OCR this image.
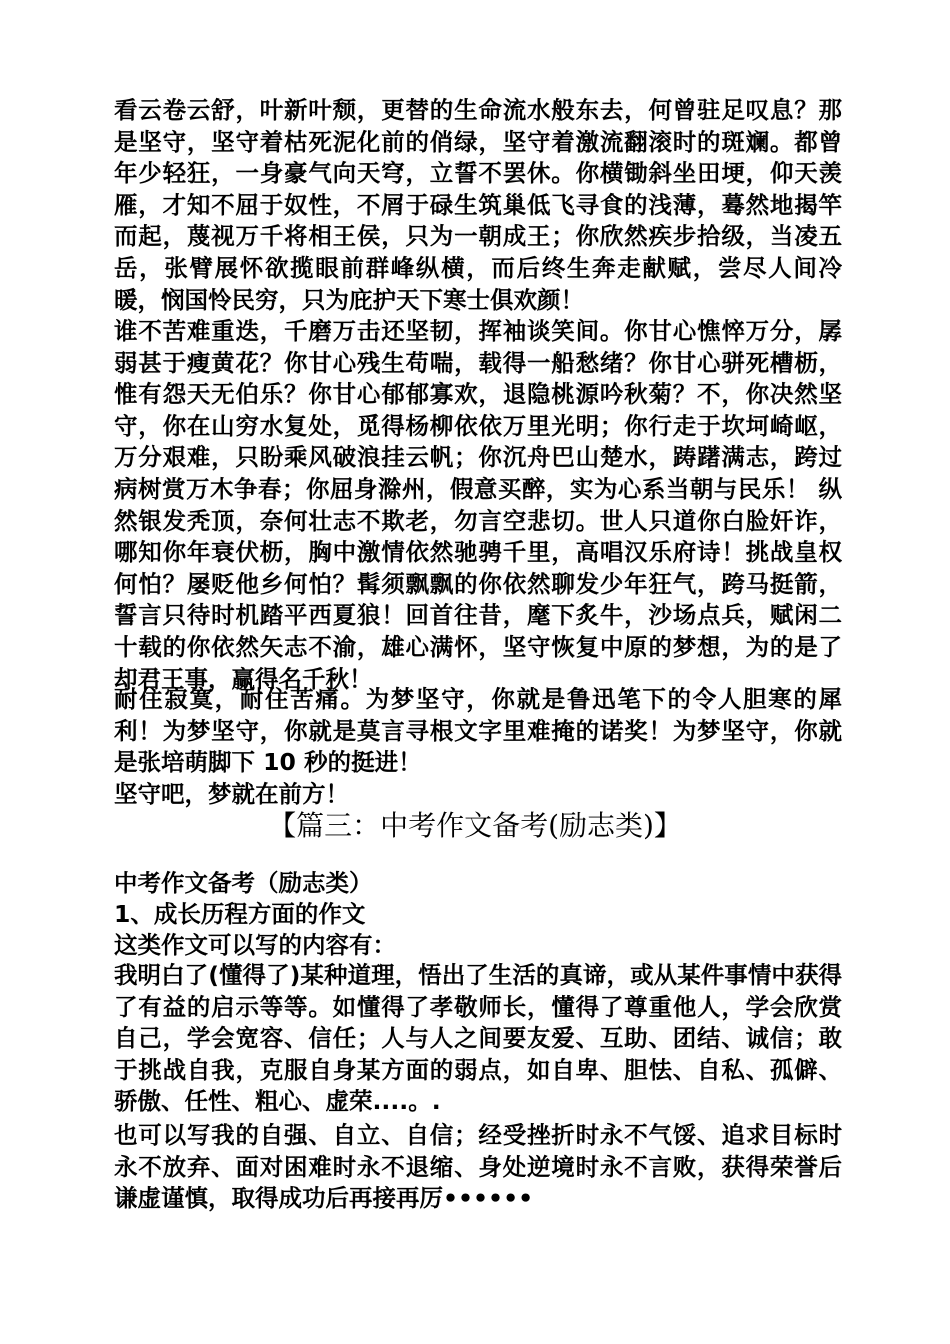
看云卷云舒，叶新叶颓，更替的生命流水般东去，何曾驻足叹息？那是坚守，坚守着枯死泥化前的俏绿，坚守着激流翻滚时的斑斓。都曾年少轻狂，一身豪气向天穹，立誓不罢休。你横锄斜坐田埂，仰天羡雁，才知不屈于奴性，不屑于碌生筑巢低飞寻食的浅薄，蓦然地揭竿而起，蔑视万千将相王侯，只为一朝成王；你欣然疾步拾级，当凌五岳，张臂展怀欲揽眼前群峰纵横，而后终生奔走献赋，尝尽人间冷暖，悯国怜民穷，只为庇护天下寒士俱欢颜！

谁不苦难重迭，千磨万击还坚韧，挥袖谈笑间。你甘心憔悴万分，孱弱甚于瘦黄花？你甘心残生苟喘，载得一船愁绪？你甘心骈死槽枥，惟有怨天无伯乐？你甘心郁郁寡欢，退隐桃源吟秋菊？不，你决然坚守，你在山穷水复处，觅得杨柳依依万里光明；你行走于坎坷崎岖，万分艰难，只盼乘风破浪挂云帆；你沉舟巴山楚水，踌躇满志，跨过病树赏万木争春；你屈身滁州，假意买醉，实为心系当朝与民乐！ 纵然银发秃顶，奈何壮志不欺老，勿言空悲切。世人只道你白脸奸诈，哪知你年衰伏枥，胸中激情依然驰骋千里，高唱汉乐府诗！挑战皇权何怕？屡贬他乡何怕？髯须飘飘的你依然聊发少年狂气，跨马挺箭，誓言只待时机踏平西夏狼！回首往昔，麾下炙牛，沙场点兵，赋闲二十载的你依然矢志不渝，雄心满怀，坚守恢复中原的梦想，为的是了却君王事，赢得名千秋！

耐住寂寞，耐住苦痛。为梦坚守，你就是鲁迅笔下的令人胆寒的犀利！为梦坚守，你就是莫言寻根文字里难掩的诺奖！为梦坚守，你就是张培萌脚下 10 秒的挺进！

坚守吧，梦就在前方！

【篇三：中考作文备考(励志类)】

中考作文备考（励志类）

1、成长历程方面的作文

这类作文可以写的内容有：

我明白了(懂得了)某种道理，悟出了生活的真谛，或从某件事情中获得了有益的启示等等。如懂得了孝敬师长，懂得了尊重他人，学会欣赏自己，学会宽容、信任；人与人之间要友爱、互助、团结、诚信；敢于挑战自我，克服自身某方面的弱点，如自卑、胆怯、自私、孤僻、骄傲、任性、粗心、虚荣....。.

也可以写我的自强、自立、自信；经受挫折时永不气馁、追求目标时永不放弃、面对困难时永不退缩、身处逆境时永不言败，获得荣誉后谦虚谨慎，取得成功后再接再厉••••••
